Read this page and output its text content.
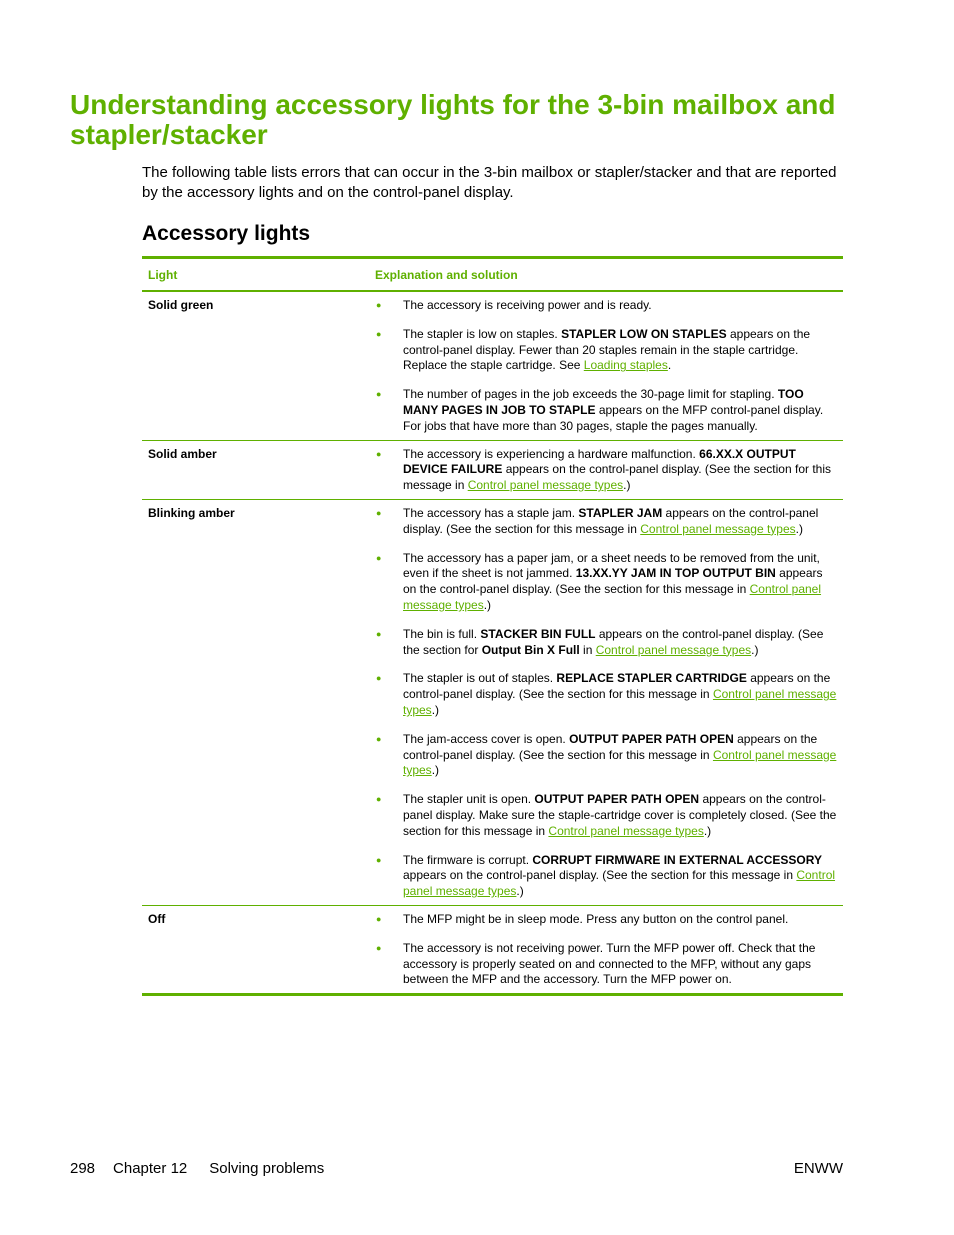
Understanding accessory lights for the 3-bin mailbox and stapler/stacker

The following table lists errors that can occur in the 3-bin mailbox or stapler/stacker and that are reported by the accessory lights and on the control-panel display.

Accessory lights
Light	Explanation and solution
Solid green	●	The accessory is receiving power and is ready.
●	The stapler is low on staples. STAPLER LOW ON STAPLES appears on the control-panel display. Fewer than 20 staples remain in the staple cartridge. Replace the staple cartridge. See Loading staples.
●	The number of pages in the job exceeds the 30-page limit for stapling. TOO MANY PAGES IN JOB TO STAPLE appears on the MFP control-panel display. For jobs that have more than 30 pages, staple the pages manually.
Solid amber	●	The accessory is experiencing a hardware malfunction. 66.XX.X OUTPUT DEVICE FAILURE appears on the control-panel display. (See the section for this message in Control panel message types.)
Blinking amber	●	The accessory has a staple jam. STAPLER JAM appears on the control-panel display. (See the section for this message in Control panel message types.)
●	The accessory has a paper jam, or a sheet needs to be removed from the unit, even if the sheet is not jammed. 13.XX.YY JAM IN TOP OUTPUT BIN appears on the control-panel display. (See the section for this message in Control panel message types.)
●	The bin is full. STACKER BIN FULL appears on the control-panel display. (See the section for Output Bin X Full in Control panel message types.)
●	The stapler is out of staples. REPLACE STAPLER CARTRIDGE appears on the control-panel display. (See the section for this message in Control panel message types.)
●	The jam-access cover is open. OUTPUT PAPER PATH OPEN appears on the control-panel display. (See the section for this message in Control panel message types.)
●	The stapler unit is open. OUTPUT PAPER PATH OPEN appears on the control-panel display. Make sure the staple-cartridge cover is completely closed. (See the section for this message in Control panel message types.)
●	The firmware is corrupt. CORRUPT FIRMWARE IN EXTERNAL ACCESSORY appears on the control-panel display. (See the section for this message in Control panel message types.)
Off	●	The MFP might be in sleep mode. Press any button on the control panel.
●	The accessory is not receiving power. Turn the MFP power off. Check that the accessory is properly seated on and connected to the MFP, without any gaps between the MFP and the accessory. Turn the MFP power on.
298 Chapter 12 Solving problems	ENWW
